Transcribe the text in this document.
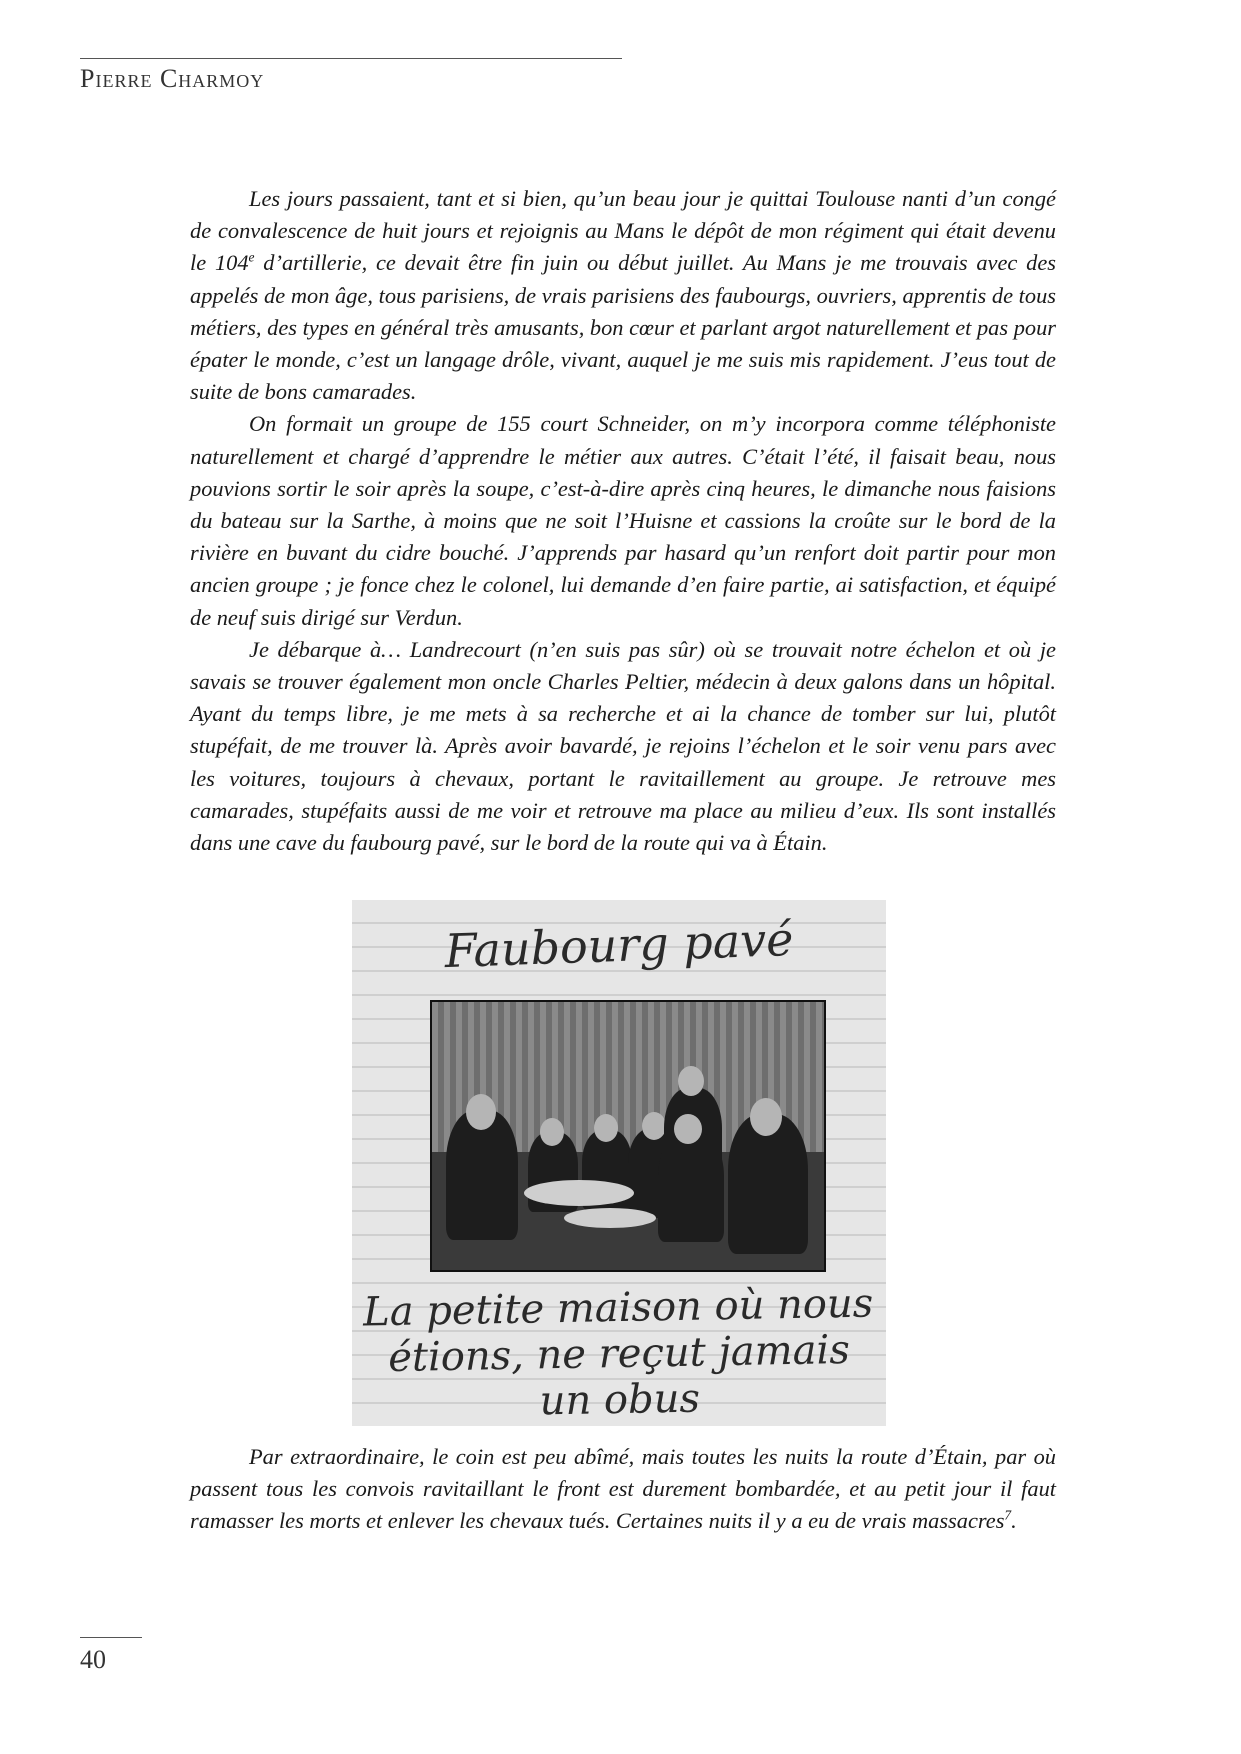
Pierre Charmoy

Les jours passaient, tant et si bien, qu’un beau jour je quittai Toulouse nanti d’un congé de convalescence de huit jours et rejoignis au Mans le dépôt de mon régiment qui était devenu le 104e d’artillerie, ce devait être fin juin ou début juillet. Au Mans je me trouvais avec des appelés de mon âge, tous parisiens, de vrais parisiens des faubourgs, ouvriers, apprentis de tous métiers, des types en général très amusants, bon cœur et parlant argot naturellement et pas pour épater le monde, c’est un langage drôle, vivant, auquel je me suis mis rapidement. J’eus tout de suite de bons camarades.

On formait un groupe de 155 court Schneider, on m’y incorpora comme téléphoniste naturellement et chargé d’apprendre le métier aux autres. C’était l’été, il faisait beau, nous pouvions sortir le soir après la soupe, c’est-à-dire après cinq heures, le dimanche nous faisions du bateau sur la Sarthe, à moins que ne soit l’Huisne et cassions la croûte sur le bord de la rivière en buvant du cidre bouché. J’apprends par hasard qu’un renfort doit partir pour mon ancien groupe ; je fonce chez le colonel, lui demande d’en faire partie, ai satisfaction, et équipé de neuf suis dirigé sur Verdun.

Je débarque à… Landrecourt (n’en suis pas sûr) où se trouvait notre échelon et où je savais se trouver également mon oncle Charles Peltier, médecin à deux galons dans un hôpital. Ayant du temps libre, je me mets à sa recherche et ai la chance de tomber sur lui, plutôt stupéfait, de me trouver là. Après avoir bavardé, je rejoins l’échelon et le soir venu pars avec les voitures, toujours à chevaux, portant le ravitaillement au groupe. Je retrouve mes camarades, stupéfaits aussi de me voir et retrouve ma place au milieu d’eux. Ils sont installés dans une cave du faubourg pavé, sur le bord de la route qui va à Étain.

Faubourg pavé
La petite maison où nous étions, ne reçut jamais un obus

Par extraordinaire, le coin est peu abîmé, mais toutes les nuits la route d’Étain, par où passent tous les convois ravitaillant le front est durement bombardée, et au petit jour il faut ramasser les morts et enlever les chevaux tués. Certaines nuits il y a eu de vrais massacres$^7$.

40
